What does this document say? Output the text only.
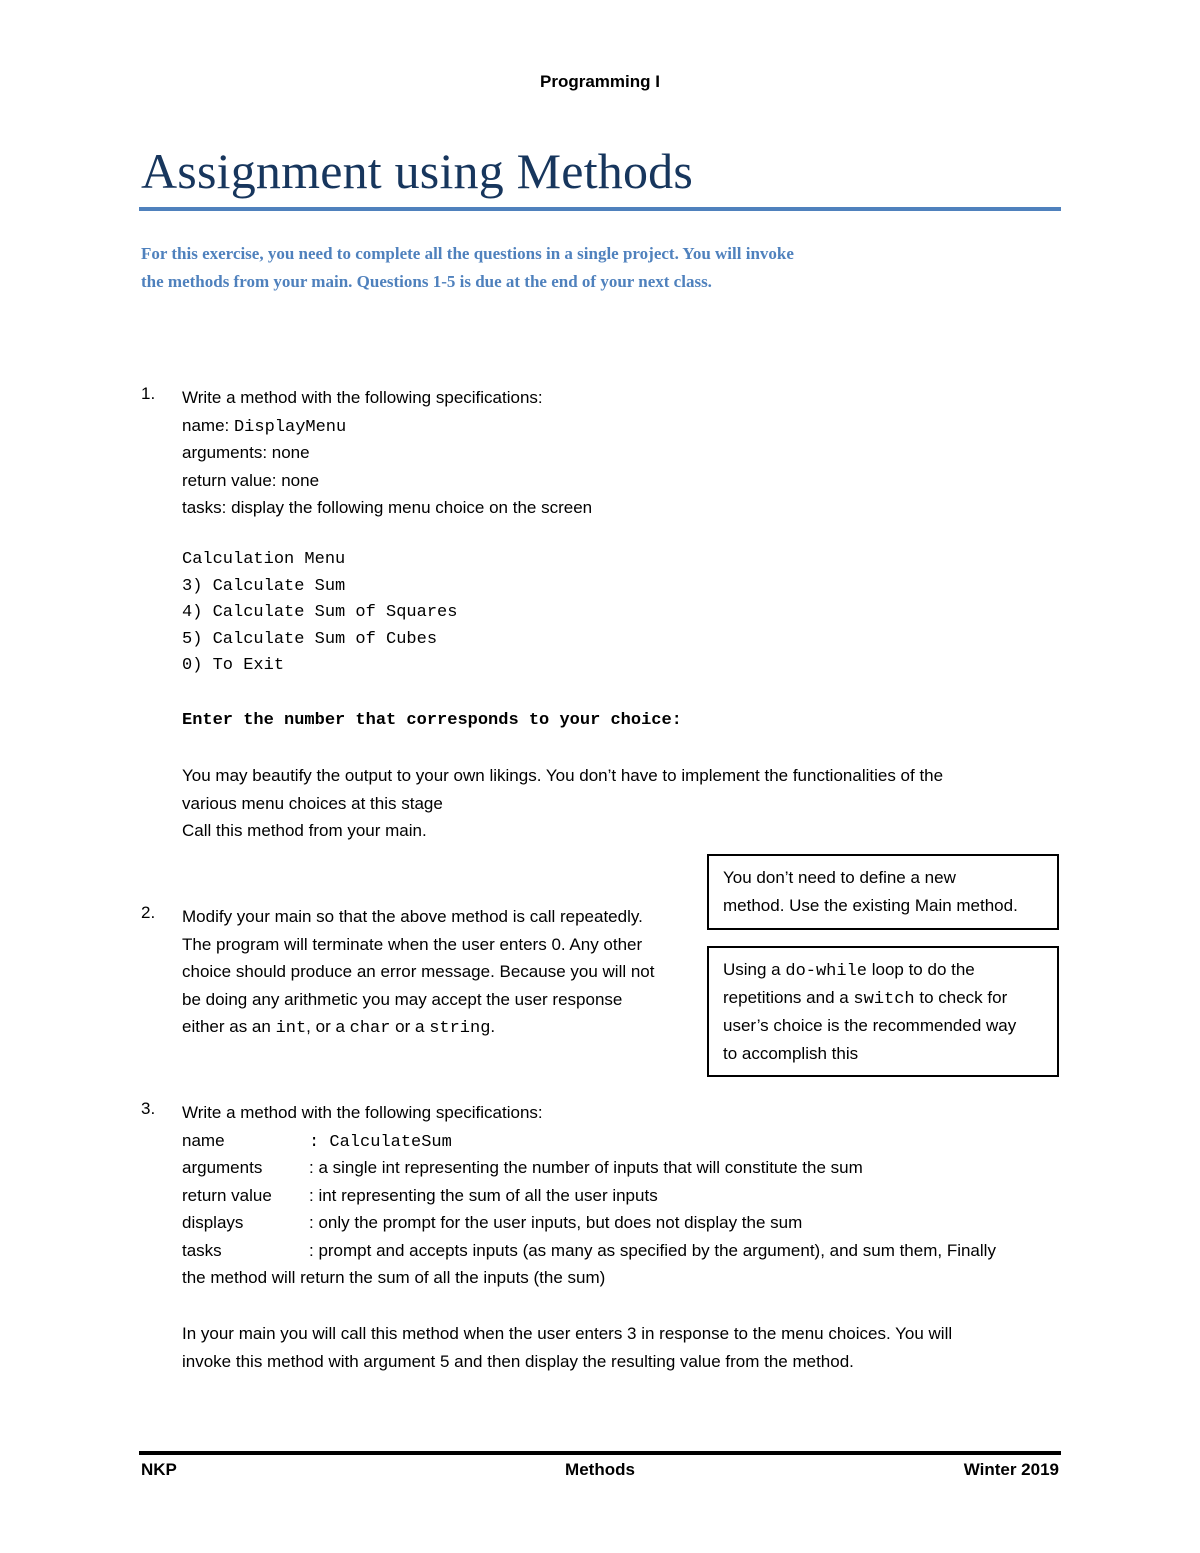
Programming I
Assignment using Methods
For this exercise, you need to complete all the questions in a single project. You will invoke
the methods from your main. Questions 1-5 is due at the end of your next class.
1. Write a method with the following specifications:
name: DisplayMenu
arguments: none
return value: none
tasks: display the following menu choice on the screen
Calculation Menu
3) Calculate Sum
4) Calculate Sum of Squares
5) Calculate Sum of Cubes
0) To Exit
Enter the number that corresponds to your choice:
You may beautify the output to your own likings. You don’t have to implement the functionalities of the
various menu choices at this stage
Call this method from your main.
You don’t need to define a new
method. Use the existing Main method.
Using a do-while loop to do the
repetitions and a switch to check for
user’s choice is the recommended way
to accomplish this
2. Modify your main so that the above method is call repeatedly.
The program will terminate when the user enters 0. Any other
choice should produce an error message. Because you will not
be doing any arithmetic you may accept the user response
either as an int, or a char or a string.
3. Write a method with the following specifications:
name	: CalculateSum
arguments	: a single int representing the number of inputs that will constitute the sum
return value : int representing the sum of all the user inputs
displays	: only the prompt for the user inputs, but does not display the sum
tasks	: prompt and accepts inputs (as many as specified by the argument), and sum them, Finally
the method will return the sum of all the inputs (the sum)
In your main you will call this method when the user enters 3 in response to the menu choices. You will
invoke this method with argument 5 and then display the resulting value from the method.
NKP	Methods	Winter 2019
